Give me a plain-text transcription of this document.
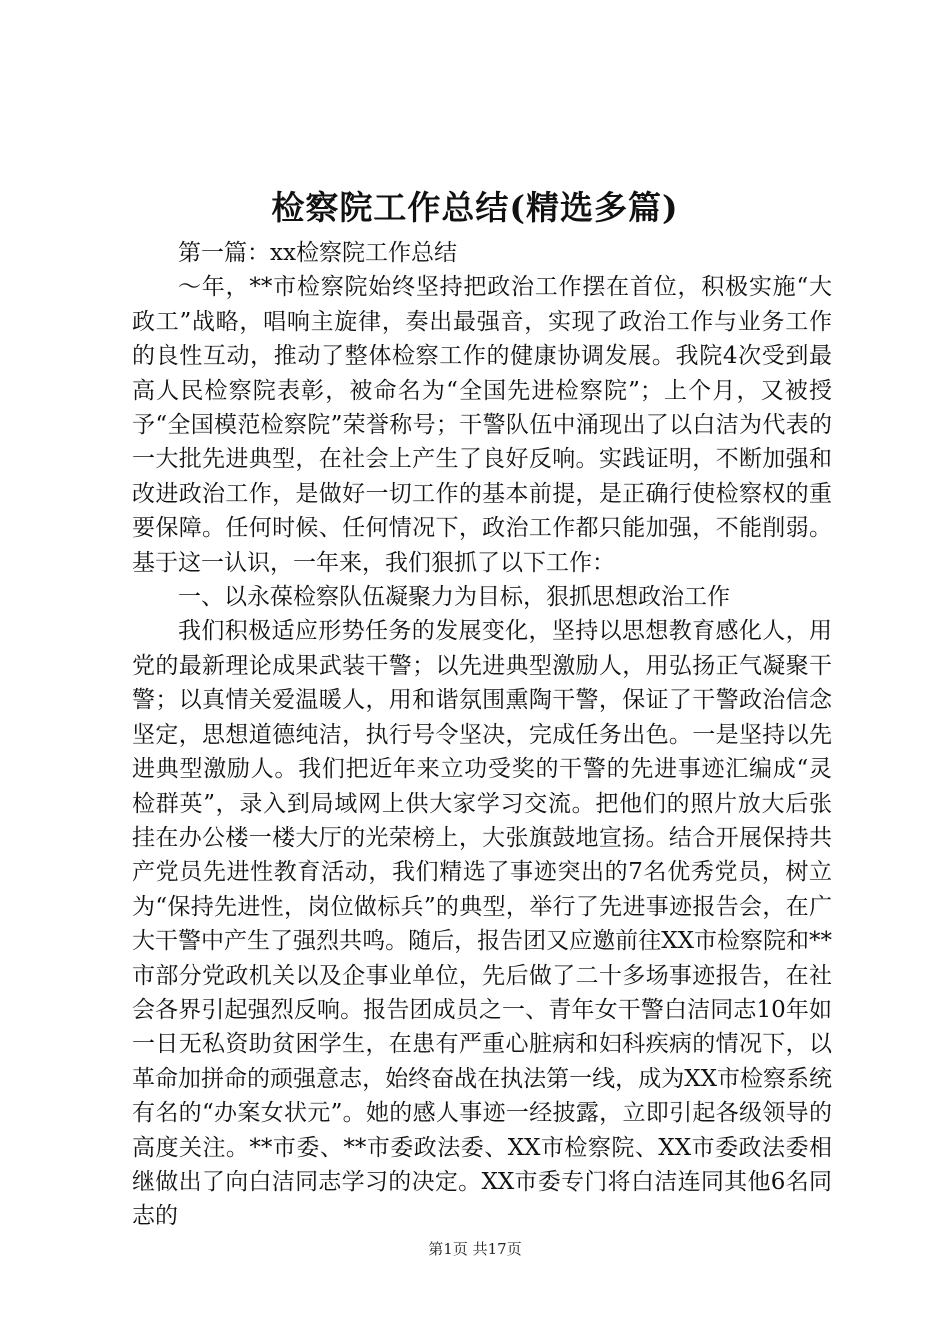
检察院工作总结(精选多篇)

第一篇：xx检察院工作总结

～年，**市检察院始终坚持把政治工作摆在首位，积极实施“大政工”战略，唱响主旋律，奏出最强音，实现了政治工作与业务工作的良性互动，推动了整体检察工作的健康协调发展。我院4次受到最高人民检察院表彰，被命名为“全国先进检察院”；上个月，又被授予“全国模范检察院”荣誉称号；干警队伍中涌现出了以白洁为代表的一大批先进典型，在社会上产生了良好反响。实践证明，不断加强和改进政治工作，是做好一切工作的基本前提，是正确行使检察权的重要保障。任何时候、任何情况下，政治工作都只能加强，不能削弱。基于这一认识，一年来，我们狠抓了以下工作：

一、以永葆检察队伍凝聚力为目标，狠抓思想政治工作

我们积极适应形势任务的发展变化，坚持以思想教育感化人，用党的最新理论成果武装干警；以先进典型激励人，用弘扬正气凝聚干警；以真情关爱温暖人，用和谐氛围熏陶干警，保证了干警政治信念坚定，思想道德纯洁，执行号令坚决，完成任务出色。一是坚持以先进典型激励人。我们把近年来立功受奖的干警的先进事迹汇编成“灵检群英”，录入到局域网上供大家学习交流。把他们的照片放大后张挂在办公楼一楼大厅的光荣榜上，大张旗鼓地宣扬。结合开展保持共产党员先进性教育活动，我们精选了事迹突出的7名优秀党员，树立为“保持先进性，岗位做标兵”的典型，举行了先进事迹报告会，在广大干警中产生了强烈共鸣。随后，报告团又应邀前往XX市检察院和**市部分党政机关以及企事业单位，先后做了二十多场事迹报告，在社会各界引起强烈反响。报告团成员之一、青年女干警白洁同志10年如一日无私资助贫困学生，在患有严重心脏病和妇科疾病的情况下，以革命加拼命的顽强意志，始终奋战在执法第一线，成为XX市检察系统有名的“办案女状元”。她的感人事迹一经披露，立即引起各级领导的高度关注。**市委、**市委政法委、XX市检察院、XX市委政法委相继做出了向白洁同志学习的决定。XX市委专门将白洁连同其他6名同志的

第1页 共17页
